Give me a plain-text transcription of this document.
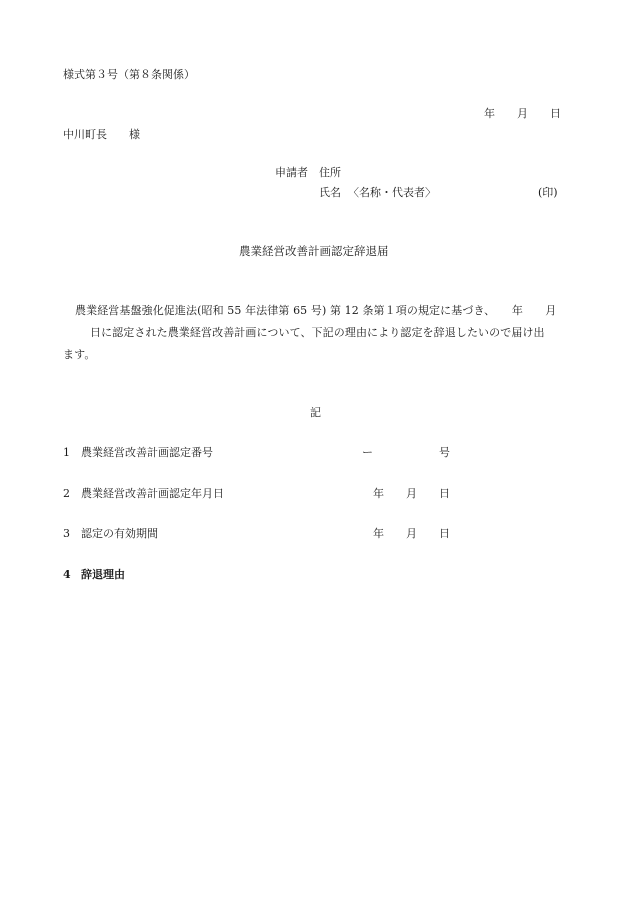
様式第３号（第８条関係）
年　　月　　日
中川町長　　様
申請者 住所
氏名 〈名称・代表者〉	(印)
農業経営改善計画認定辞退届
農業経営基盤強化促進法(昭和 55 年法律第 65 号) 第 12 条第１項の規定に基づき、　　年　　月
日に認定された農業経営改善計画について、下記の理由により認定を辞退したいので届け出
ます。
記
1 農業経営改善計画認定番号	ー　　　　　　号
2 農業経営改善計画認定年月日	年　　月　　日
3 認定の有効期間	年　　月　　日
4 辞退理由
